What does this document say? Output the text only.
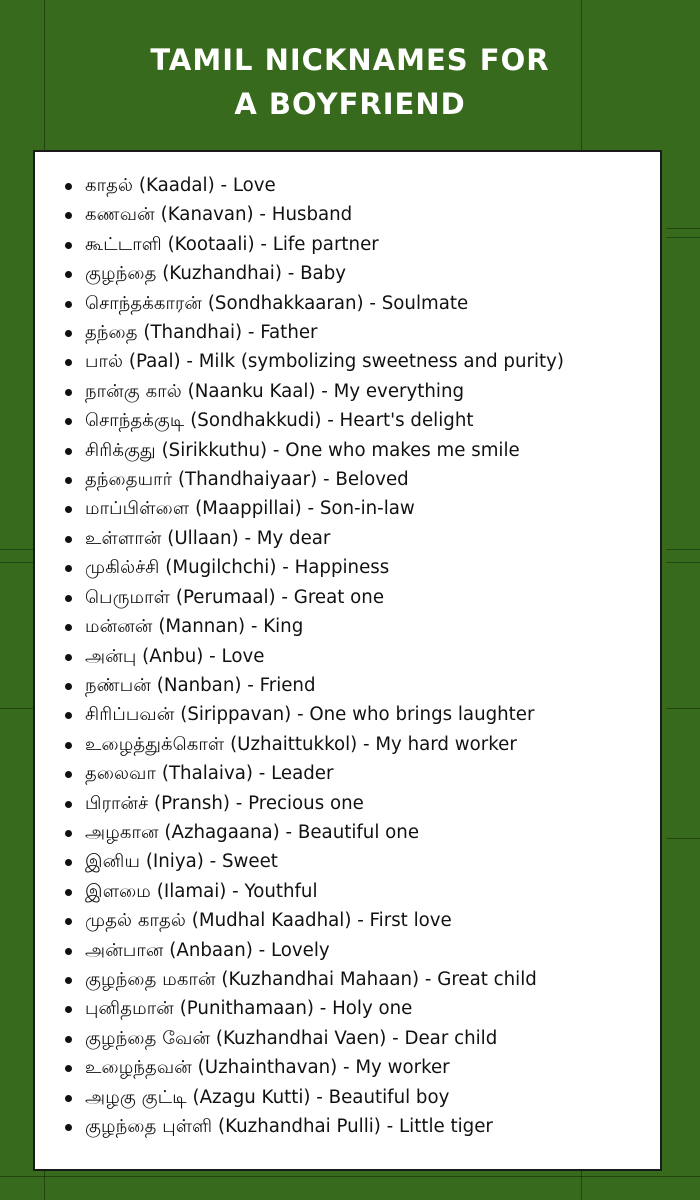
TAMIL NICKNAMES FOR
A BOYFRIEND
காதல் (Kaadal) - Love
கணவன் (Kanavan) - Husband
கூட்டாளி (Kootaali) - Life partner
குழந்தை (Kuzhandhai) - Baby
சொந்தக்காரன் (Sondhakkaaran) - Soulmate
தந்தை (Thandhai) - Father
பால் (Paal) - Milk (symbolizing sweetness and purity)
நான்கு கால் (Naanku Kaal) - My everything
சொந்தக்குடி (Sondhakkudi) - Heart's delight
சிரிக்குது (Sirikkuthu) - One who makes me smile
தந்தையார் (Thandhaiyaar) - Beloved
மாப்பிள்ளை (Maappillai) - Son-in-law
உள்ளான் (Ullaan) - My dear
முகில்ச்சி (Mugilchchi) - Happiness
பெருமாள் (Perumaal) - Great one
மன்னன் (Mannan) - King
அன்பு (Anbu) - Love
நண்பன் (Nanban) - Friend
சிரிப்பவன் (Sirippavan) - One who brings laughter
உழைத்துக்கொள் (Uzhaittukkol) - My hard worker
தலைவா (Thalaiva) - Leader
பிரான்ச் (Pransh) - Precious one
அழகான (Azhagaana) - Beautiful one
இனிய (Iniya) - Sweet
இளமை (Ilamai) - Youthful
முதல் காதல் (Mudhal Kaadhal) - First love
அன்பான (Anbaan) - Lovely
குழந்தை மகான் (Kuzhandhai Mahaan) - Great child
புனிதமான் (Punithamaan) - Holy one
குழந்தை வேன் (Kuzhandhai Vaen) - Dear child
உழைந்தவன் (Uzhainthavan) - My worker
அழகு குட்டி (Azagu Kutti) - Beautiful boy
குழந்தை புள்ளி (Kuzhandhai Pulli) - Little tiger
